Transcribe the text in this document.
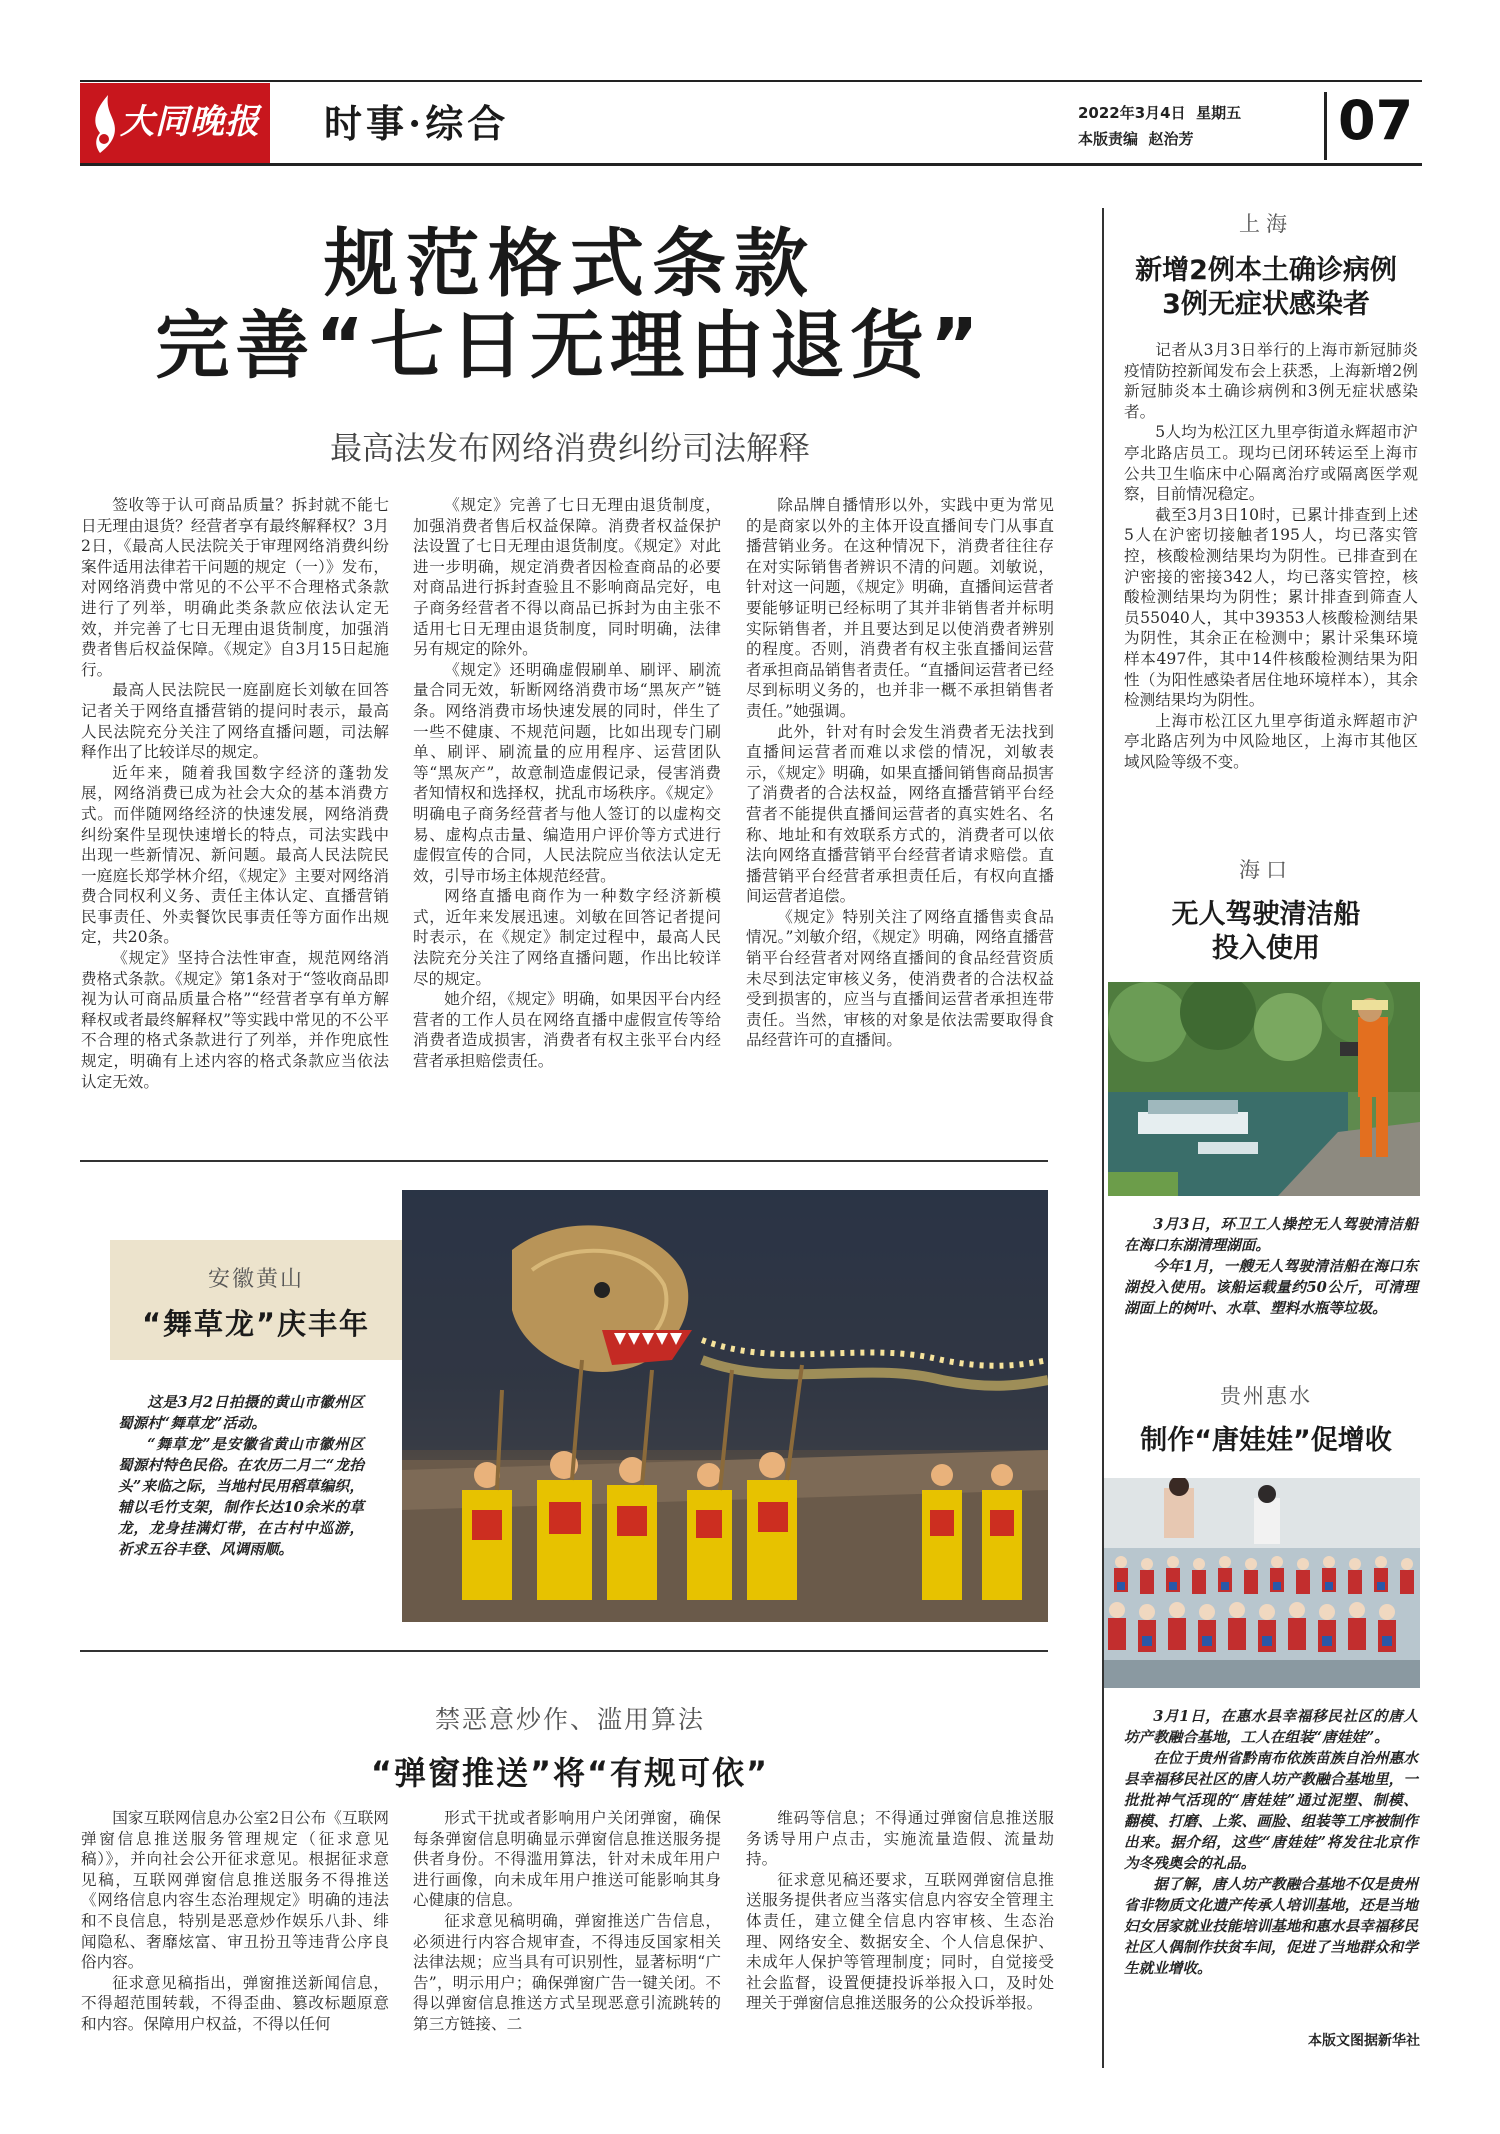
大同晚报 时事·综合	2022年3月4日  星期五
本版责编  赵治芳	07
规范格式条款
完善“七日无理由退货”
最高法发布网络消费纠纷司法解释

签收等于认可商品质量？拆封就不能七日无理由退货？经营者享有最终解释权？3月2日，《最高人民法院关于审理网络消费纠纷案件适用法律若干问题的规定（一）》发布，对网络消费中常见的不公平不合理格式条款进行了列举，明确此类条款应依法认定无效，并完善了七日无理由退货制度，加强消费者售后权益保障。《规定》自3月15日起施行。

最高人民法院民一庭副庭长刘敏在回答记者关于网络直播营销的提问时表示，最高人民法院充分关注了网络直播问题，司法解释作出了比较详尽的规定。

近年来，随着我国数字经济的蓬勃发展，网络消费已成为社会大众的基本消费方式。而伴随网络经济的快速发展，网络消费纠纷案件呈现快速增长的特点，司法实践中出现一些新情况、新问题。最高人民法院民一庭庭长郑学林介绍，《规定》主要对网络消费合同权利义务、责任主体认定、直播营销民事责任、外卖餐饮民事责任等方面作出规定，共20条。

《规定》坚持合法性审查，规范网络消费格式条款。《规定》第1条对于“签收商品即视为认可商品质量合格”“经营者享有单方解释权或者最终解释权”等实践中常见的不公平不合理的格式条款进行了列举，并作兜底性规定，明确有上述内容的格式条款应当依法认定无效。

《规定》完善了七日无理由退货制度，加强消费者售后权益保障。消费者权益保护法设置了七日无理由退货制度。《规定》对此进一步明确，规定消费者因检查商品的必要对商品进行拆封查验且不影响商品完好，电子商务经营者不得以商品已拆封为由主张不适用七日无理由退货制度，同时明确，法律另有规定的除外。

《规定》还明确虚假刷单、刷评、刷流量合同无效，斩断网络消费市场“黑灰产”链条。网络消费市场快速发展的同时，伴生了一些不健康、不规范问题，比如出现专门刷单、刷评、刷流量的应用程序、运营团队等“黑灰产”，故意制造虚假记录，侵害消费者知情权和选择权，扰乱市场秩序。《规定》明确电子商务经营者与他人签订的以虚构交易、虚构点击量、编造用户评价等方式进行虚假宣传的合同，人民法院应当依法认定无效，引导市场主体规范经营。

网络直播电商作为一种数字经济新模式，近年来发展迅速。刘敏在回答记者提问时表示，在《规定》制定过程中，最高人民法院充分关注了网络直播问题，作出比较详尽的规定。

她介绍，《规定》明确，如果因平台内经营者的工作人员在网络直播中虚假宣传等给消费者造成损害，消费者有权主张平台内经营者承担赔偿责任。

除品牌自播情形以外，实践中更为常见的是商家以外的主体开设直播间专门从事直播营销业务。在这种情况下，消费者往往存在对实际销售者辨识不清的问题。刘敏说，针对这一问题，《规定》明确，直播间运营者要能够证明已经标明了其并非销售者并标明实际销售者，并且要达到足以使消费者辨别的程度。否则，消费者有权主张直播间运营者承担商品销售者责任。“直播间运营者已经尽到标明义务的，也并非一概不承担销售者责任。”她强调。

此外，针对有时会发生消费者无法找到直播间运营者而难以求偿的情况，刘敏表示，《规定》明确，如果直播间销售商品损害了消费者的合法权益，网络直播营销平台经营者不能提供直播间运营者的真实姓名、名称、地址和有效联系方式的，消费者可以依法向网络直播营销平台经营者请求赔偿。直播营销平台经营者承担责任后，有权向直播间运营者追偿。

《规定》特别关注了网络直播售卖食品情况。”刘敏介绍，《规定》明确，网络直播营销平台经营者对网络直播间的食品经营资质未尽到法定审核义务，使消费者的合法权益受到损害的，应当与直播间运营者承担连带责任。当然，审核的对象是依法需要取得食品经营许可的直播间。

安徽黄山
“舞草龙”庆丰年

这是3月2日拍摄的黄山市徽州区蜀源村“舞草龙”活动。

“舞草龙”是安徽省黄山市徽州区蜀源村特色民俗。在农历二月二“龙抬头”来临之际，当地村民用稻草编织，辅以毛竹支架，制作长达10余米的草龙，龙身挂满灯带，在古村中巡游，祈求五谷丰登、风调雨顺。

禁恶意炒作、滥用算法
“弹窗推送”将“有规可依”

国家互联网信息办公室2日公布《互联网弹窗信息推送服务管理规定（征求意见稿）》，并向社会公开征求意见。根据征求意见稿，互联网弹窗信息推送服务不得推送《网络信息内容生态治理规定》明确的违法和不良信息，特别是恶意炒作娱乐八卦、绯闻隐私、奢靡炫富、审丑扮丑等违背公序良俗内容。

征求意见稿指出，弹窗推送新闻信息，不得超范围转载，不得歪曲、篡改标题原意和内容。保障用户权益，不得以任何

形式干扰或者影响用户关闭弹窗，确保每条弹窗信息明确显示弹窗信息推送服务提供者身份。不得滥用算法，针对未成年用户进行画像，向未成年用户推送可能影响其身心健康的信息。

征求意见稿明确，弹窗推送广告信息，必须进行内容合规审查，不得违反国家相关法律法规；应当具有可识别性，显著标明“广告”，明示用户；确保弹窗广告一键关闭。不得以弹窗信息推送方式呈现恶意引流跳转的第三方链接、二

维码等信息；不得通过弹窗信息推送服务诱导用户点击，实施流量造假、流量劫持。

征求意见稿还要求，互联网弹窗信息推送服务提供者应当落实信息内容安全管理主体责任，建立健全信息内容审核、生态治理、网络安全、数据安全、个人信息保护、未成年人保护等管理制度；同时，自觉接受社会监督，设置便捷投诉举报入口，及时处理关于弹窗信息推送服务的公众投诉举报。

上海
新增2例本土确诊病例
3例无症状感染者

记者从3月3日举行的上海市新冠肺炎疫情防控新闻发布会上获悉，上海新增2例新冠肺炎本土确诊病例和3例无症状感染者。

5人均为松江区九里亭街道永辉超市沪亭北路店员工。现均已闭环转运至上海市公共卫生临床中心隔离治疗或隔离医学观察，目前情况稳定。

截至3月3日10时，已累计排查到上述5人在沪密切接触者195人，均已落实管控，核酸检测结果均为阴性。已排查到在沪密接的密接342人，均已落实管控，核酸检测结果均为阴性；累计排查到筛查人员55040人，其中39353人核酸检测结果为阴性，其余正在检测中；累计采集环境样本497件，其中14件核酸检测结果为阳性（为阳性感染者居住地环境样本），其余检测结果均为阴性。

上海市松江区九里亭街道永辉超市沪亭北路店列为中风险地区，上海市其他区域风险等级不变。

海口
无人驾驶清洁船
投入使用

3月3日，环卫工人操控无人驾驶清洁船在海口东湖清理湖面。

今年1月，一艘无人驾驶清洁船在海口东湖投入使用。该船运载量约50公斤，可清理湖面上的树叶、水草、塑料水瓶等垃圾。

贵州惠水
制作“唐娃娃”促增收

3月1日，在惠水县幸福移民社区的唐人坊产教融合基地，工人在组装“唐娃娃”。

在位于贵州省黔南布依族苗族自治州惠水县幸福移民社区的唐人坊产教融合基地里，一批批神气活现的“唐娃娃”通过泥塑、制模、翻模、打磨、上浆、画脸、组装等工序被制作出来。据介绍，这些“唐娃娃”将发往北京作为冬残奥会的礼品。

据了解，唐人坊产教融合基地不仅是贵州省非物质文化遗产传承人培训基地，还是当地妇女居家就业技能培训基地和惠水县幸福移民社区人偶制作扶贫车间，促进了当地群众和学生就业增收。

本版文图据新华社
